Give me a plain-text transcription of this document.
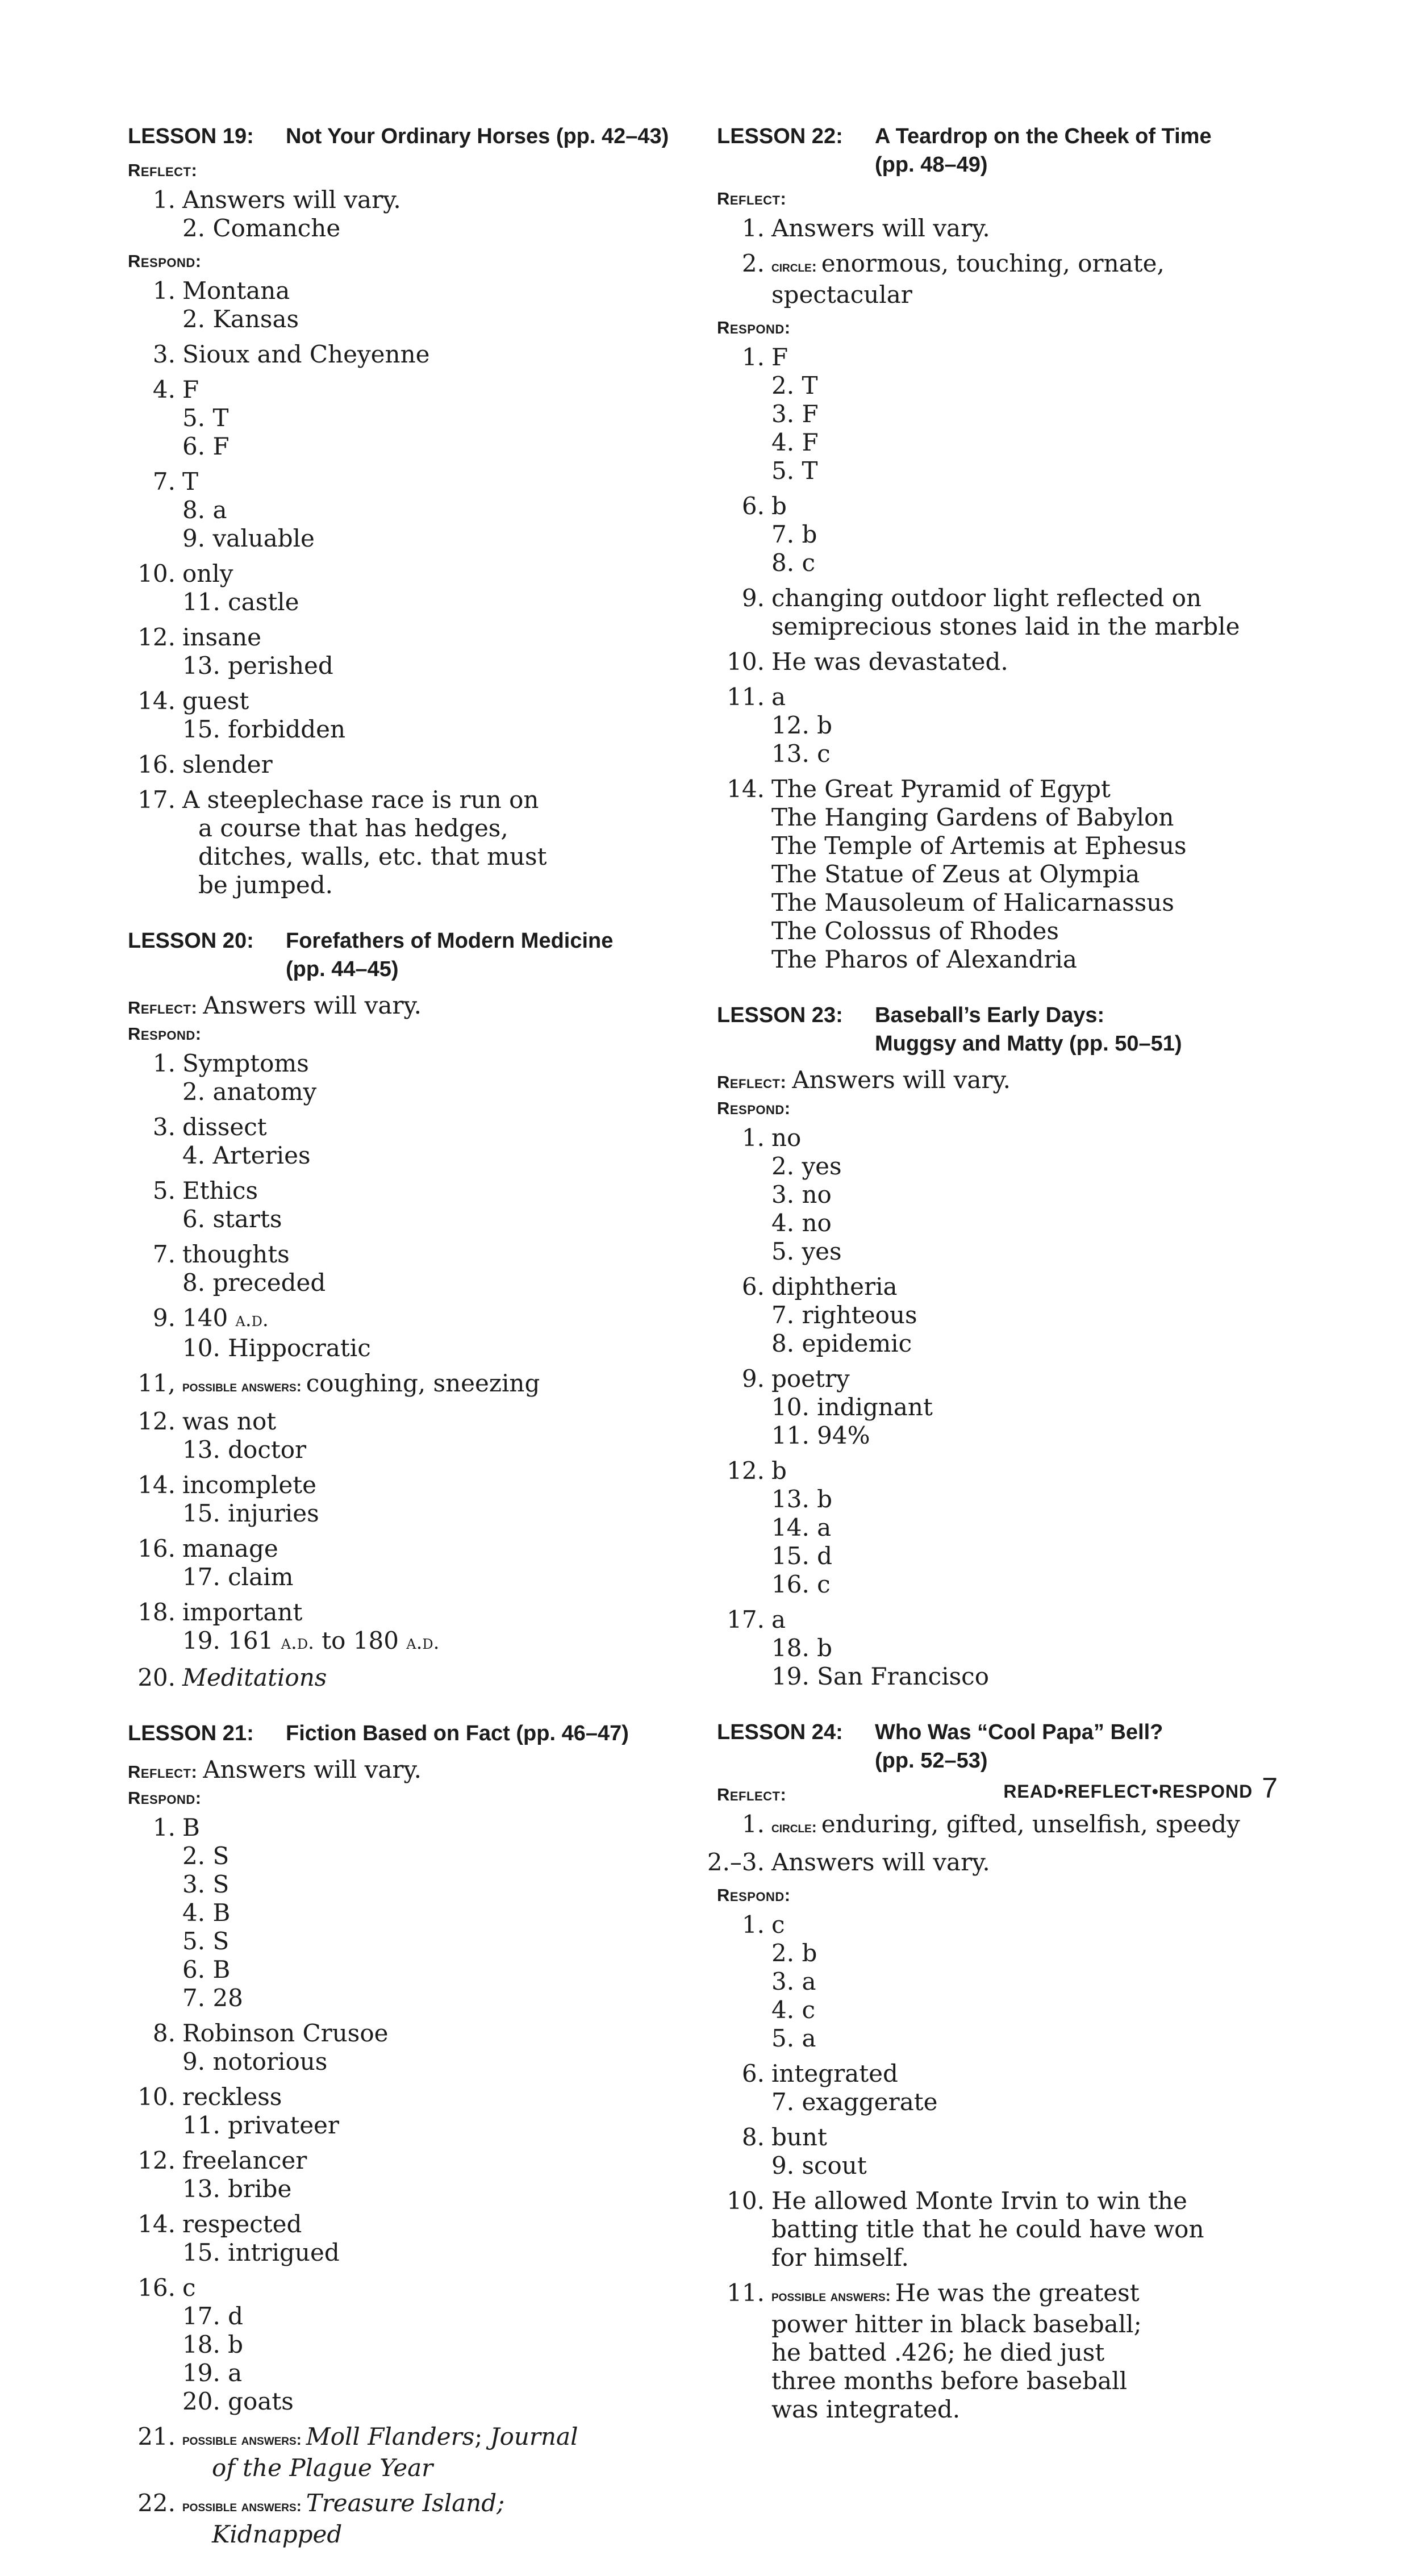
LESSON 19:	Not Your Ordinary Horses (pp. 42–43)
Reflect:
1. Answers will vary.
2. Comanche
Respond:
1. Montana
2. Kansas
3. Sioux and Cheyenne
4. F
5. T
6. F
7. T
8. a
9. valuable
10. only
11. castle
12. insane
13. perished
14. guest
15. forbidden
16. slender
17. A steeplechase race is run on
a course that has hedges,
ditches, walls, etc. that must
be jumped.
LESSON 20:	Forefathers of Modern Medicine
(pp. 44–45)
Reflect: Answers will vary.
Respond:
1. Symptoms
2. anatomy
3. dissect
4. Arteries
5. Ethics
6. starts
7. thoughts
8. preceded
9. 140 a.d.
10. Hippocratic
11, possible answers: coughing, sneezing
12. was not
13. doctor
14. incomplete
15. injuries
16. manage
17. claim
18. important
19. 161 a.d. to 180 a.d.
20. Meditations
LESSON 21:	Fiction Based on Fact (pp. 46–47)
Reflect: Answers will vary.
Respond:
1. B
2. S
3. S
4. B
5. S
6. B
7. 28
8. Robinson Crusoe
9. notorious
10. reckless
11. privateer
12. freelancer
13. bribe
14. respected
15. intrigued
16. c
17. d
18. b
19. a
20. goats
21. possible answers: Moll Flanders; Journal
of the Plague Year
22. possible answers: Treasure Island;
Kidnapped
LESSON 22:	A Teardrop on the Cheek of Time
(pp. 48–49)
Reflect:
1. Answers will vary.
2. circle: enormous, touching, ornate,
spectacular
Respond:
1. F
2. T
3. F
4. F
5. T
6. b
7. b
8. c
9. changing outdoor light reflected on
semiprecious stones laid in the marble
10. He was devastated.
11. a
12. b
13. c
14. The Great Pyramid of Egypt
The Hanging Gardens of Babylon
The Temple of Artemis at Ephesus
The Statue of Zeus at Olympia
The Mausoleum of Halicarnassus
The Colossus of Rhodes
The Pharos of Alexandria
LESSON 23:	Baseball’s Early Days:
Muggsy and Matty (pp. 50–51)
Reflect: Answers will vary.
Respond:
1. no
2. yes
3. no
4. no
5. yes
6. diphtheria
7. righteous
8. epidemic
9. poetry
10. indignant
11. 94%
12. b
13. b
14. a
15. d
16. c
17. a
18. b
19. San Francisco
LESSON 24:	Who Was “Cool Papa” Bell?
(pp. 52–53)
Reflect:
1. circle: enduring, gifted, unselfish, speedy
2.–3. Answers will vary.
Respond:
1. c
2. b
3. a
4. c
5. a
6. integrated
7. exaggerate
8. bunt
9. scout
10. He allowed Monte Irvin to win the
batting title that he could have won
for himself.
11. possible answers: He was the greatest
power hitter in black baseball;
he batted .426; he died just
three months before baseball
was integrated.
READ•REFLECT•RESPOND 7
